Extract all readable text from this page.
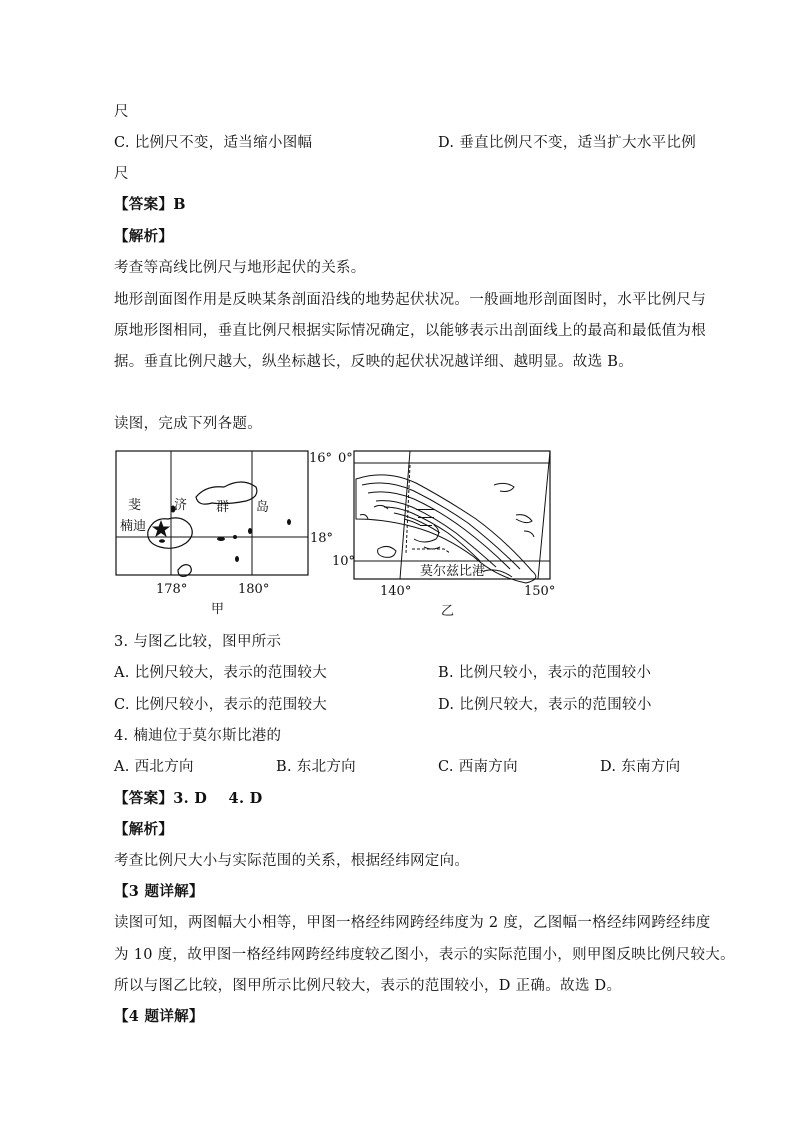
尺
C. 比例尺不变，适当缩小图幅	D. 垂直比例尺不变，适当扩大水平比例
尺
【答案】B
【解析】
考查等高线比例尺与地形起伏的关系。
地形剖面图作用是反映某条剖面沿线的地势起伏状况。一般画地形剖面图时，水平比例尺与
原地形图相同，垂直比例尺根据实际情况确定，以能够表示出剖面线上的最高和最低值为根
据。垂直比例尺越大，纵坐标越长，反映的起伏状况越详细、越明显。故选 B。
读图，完成下列各题。
斐	济 群 岛
楠迪
16°
18°
178°	180°
甲
0°
10°
莫尔兹比港
140°	150°
乙
3. 与图乙比较，图甲所示
A. 比例尺较大，表示的范围较大	B. 比例尺较小，表示的范围较小
C. 比例尺较小，表示的范围较大	D. 比例尺较大，表示的范围较小
4. 楠迪位于莫尔斯比港的
A. 西北方向	B. 东北方向	C. 西南方向	D. 东南方向
【答案】3. D    4. D
【解析】
考查比例尺大小与实际范围的关系，根据经纬网定向。
【3 题详解】
读图可知，两图幅大小相等，甲图一格经纬网跨经纬度为 2 度，乙图幅一格经纬网跨经纬度
为 10 度，故甲图一格经纬网跨经纬度较乙图小，表示的实际范围小，则甲图反映比例尺较大。
所以与图乙比较，图甲所示比例尺较大，表示的范围较小，D 正确。故选 D。
【4 题详解】
